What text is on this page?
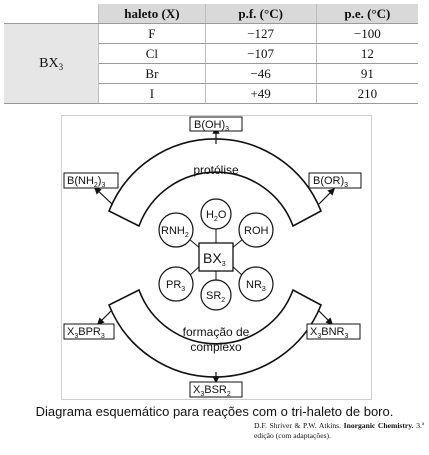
	haleto (X)	p.f. (°C)	p.e. (°C)
$BX_3$	F	−127	−100
	Cl	−107	12
	Br	−46	91
	I	+49	210
protólise
formação de
complexo
$BX_3$
$H_2O$
$RNH_2$	ROH
$PR_3$	$NR_3$
$SR_2$
$B(OH)_3$
$B(NH_2)_3$	$B(OR)_3$
$X_3BPR_3$	$X_3BNR_3$
$X_3BSR_2$
Diagrama esquemático para reações com o tri-haleto de boro.
D.F. Shriver & P.W. Atkins. Inorganic Chemistry. 3.ª edição (com adaptações).
